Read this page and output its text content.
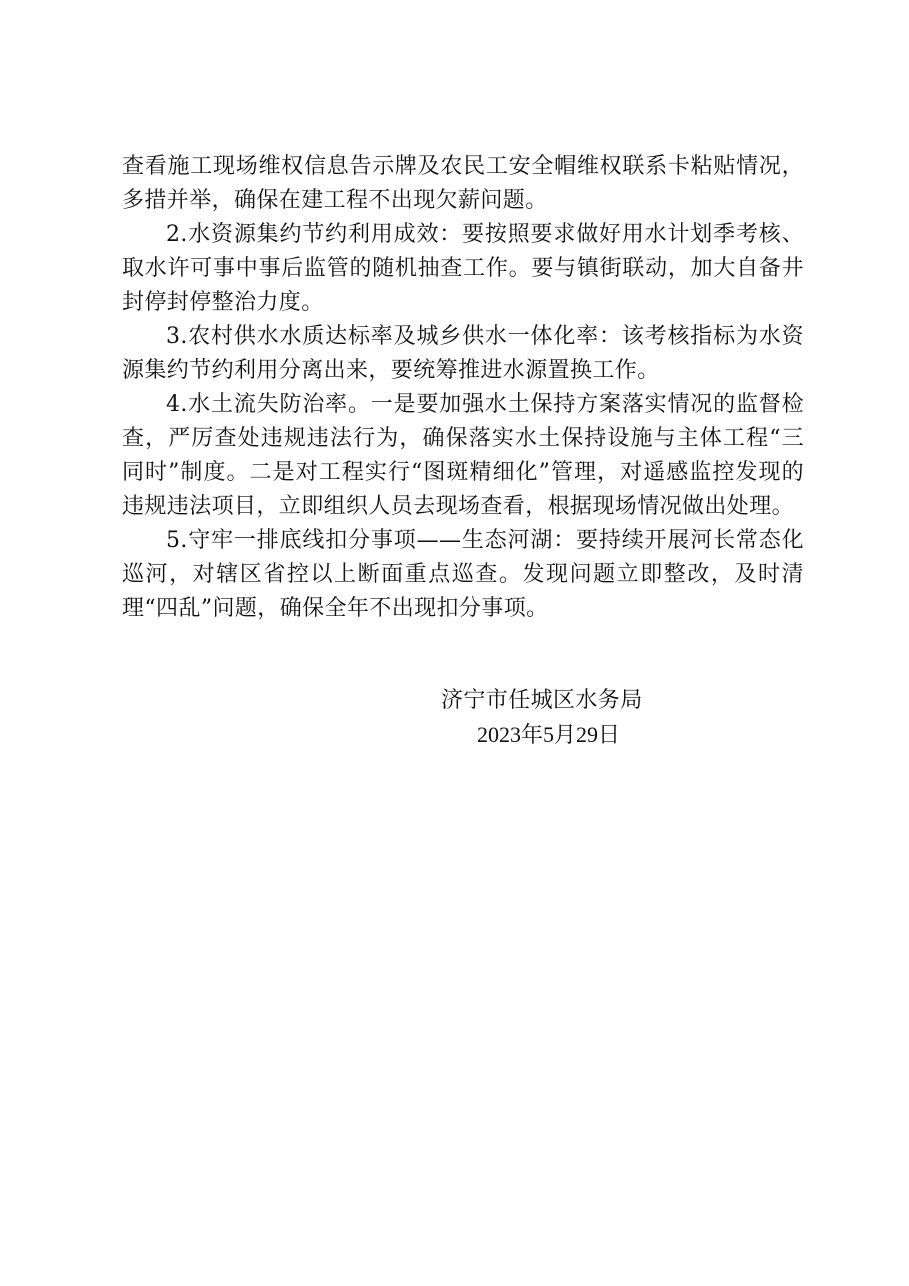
查看施工现场维权信息告示牌及农民工安全帽维权联系卡粘贴情况，多措并举，确保在建工程不出现欠薪问题。

2.水资源集约节约利用成效：要按照要求做好用水计划季考核、取水许可事中事后监管的随机抽查工作。要与镇街联动，加大自备井封停封停整治力度。

3.农村供水水质达标率及城乡供水一体化率：该考核指标为水资源集约节约利用分离出来，要统筹推进水源置换工作。

4.水土流失防治率。一是要加强水土保持方案落实情况的监督检查，严厉查处违规违法行为，确保落实水土保持设施与主体工程“三同时”制度。二是对工程实行“图斑精细化”管理，对遥感监控发现的违规违法项目，立即组织人员去现场查看，根据现场情况做出处理。

5.守牢一排底线扣分事项——生态河湖：要持续开展河长常态化巡河，对辖区省控以上断面重点巡查。发现问题立即整改，及时清理“四乱”问题，确保全年不出现扣分事项。

济宁市任城区水务局
2023年5月29日
